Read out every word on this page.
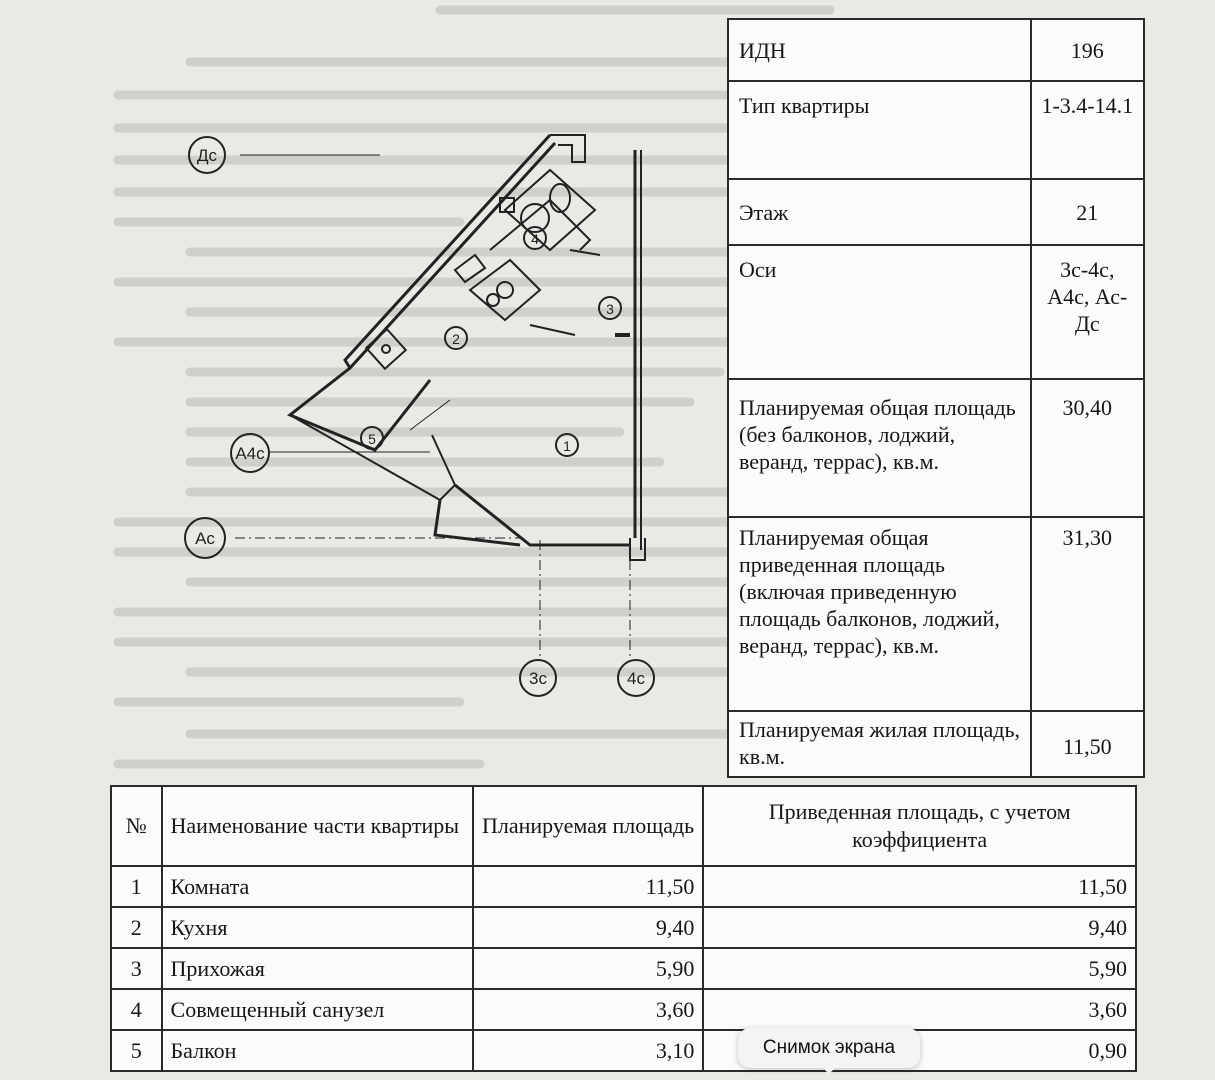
Дс
А4с
Ас
3с	4с
1
2
3
4
5
ИДН	196
Тип квартиры	1-3.4-14.1
Этаж	21
Оси	3с-4с, А4с, Ас-Дс
Планируемая общая площадь (без балконов, лоджий, веранд, террас), кв.м.	30,40
Планируемая общая приведенная площадь (включая приведенную площадь балконов, лоджий, веранд, террас), кв.м.	31,30
Планируемая жилая площадь, кв.м.	11,50
№	Наименование части квартиры	Планируемая площадь	Приведенная площадь, с учетом коэффициента
1	Комната	11,50	11,50
2	Кухня	9,40	9,40
3	Прихожая	5,90	5,90
4	Совмещенный санузел	3,60	3,60
5	Балкон	3,10	0,90
Снимок экрана
